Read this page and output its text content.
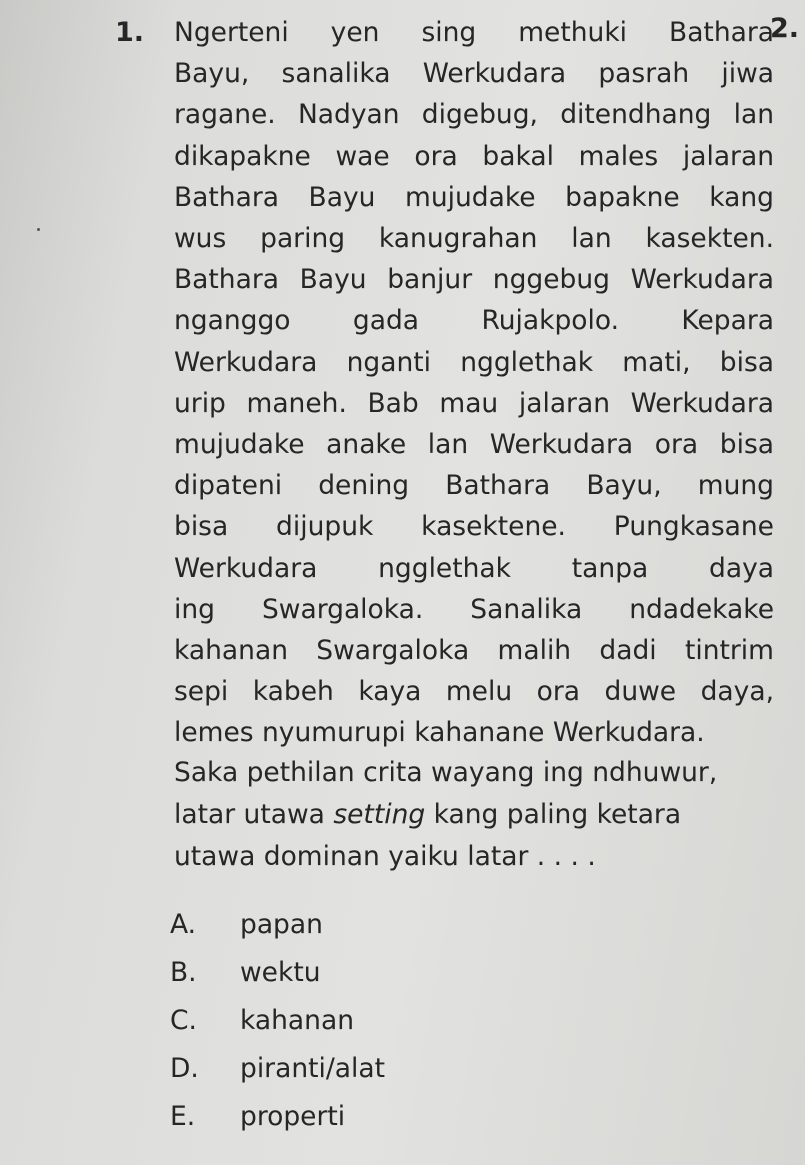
1.	2.
Ngerteni yen sing methuki Bathara
Bayu, sanalika Werkudara pasrah jiwa
ragane. Nadyan digebug, ditendhang lan
dikapakne wae ora bakal males jalaran
Bathara Bayu mujudake bapakne kang
wus paring kanugrahan lan kasekten.
Bathara Bayu banjur nggebug Werkudara
nganggo gada Rujakpolo. Kepara
Werkudara nganti ngglethak mati, bisa
urip maneh. Bab mau jalaran Werkudara
mujudake anake lan Werkudara ora bisa
dipateni dening Bathara Bayu, mung
bisa dijupuk kasektene. Pungkasane
Werkudara ngglethak tanpa daya
ing Swargaloka. Sanalika ndadekake
kahanan Swargaloka malih dadi tintrim
sepi kabeh kaya melu ora duwe daya,
lemes nyumurupi kahanane Werkudara.
Saka pethilan crita wayang ing ndhuwur,
latar utawa setting kang paling ketara
utawa dominan yaiku latar . . . .
A.	papan
B.	wektu
C.	kahanan
D.	piranti/alat
E.	properti
